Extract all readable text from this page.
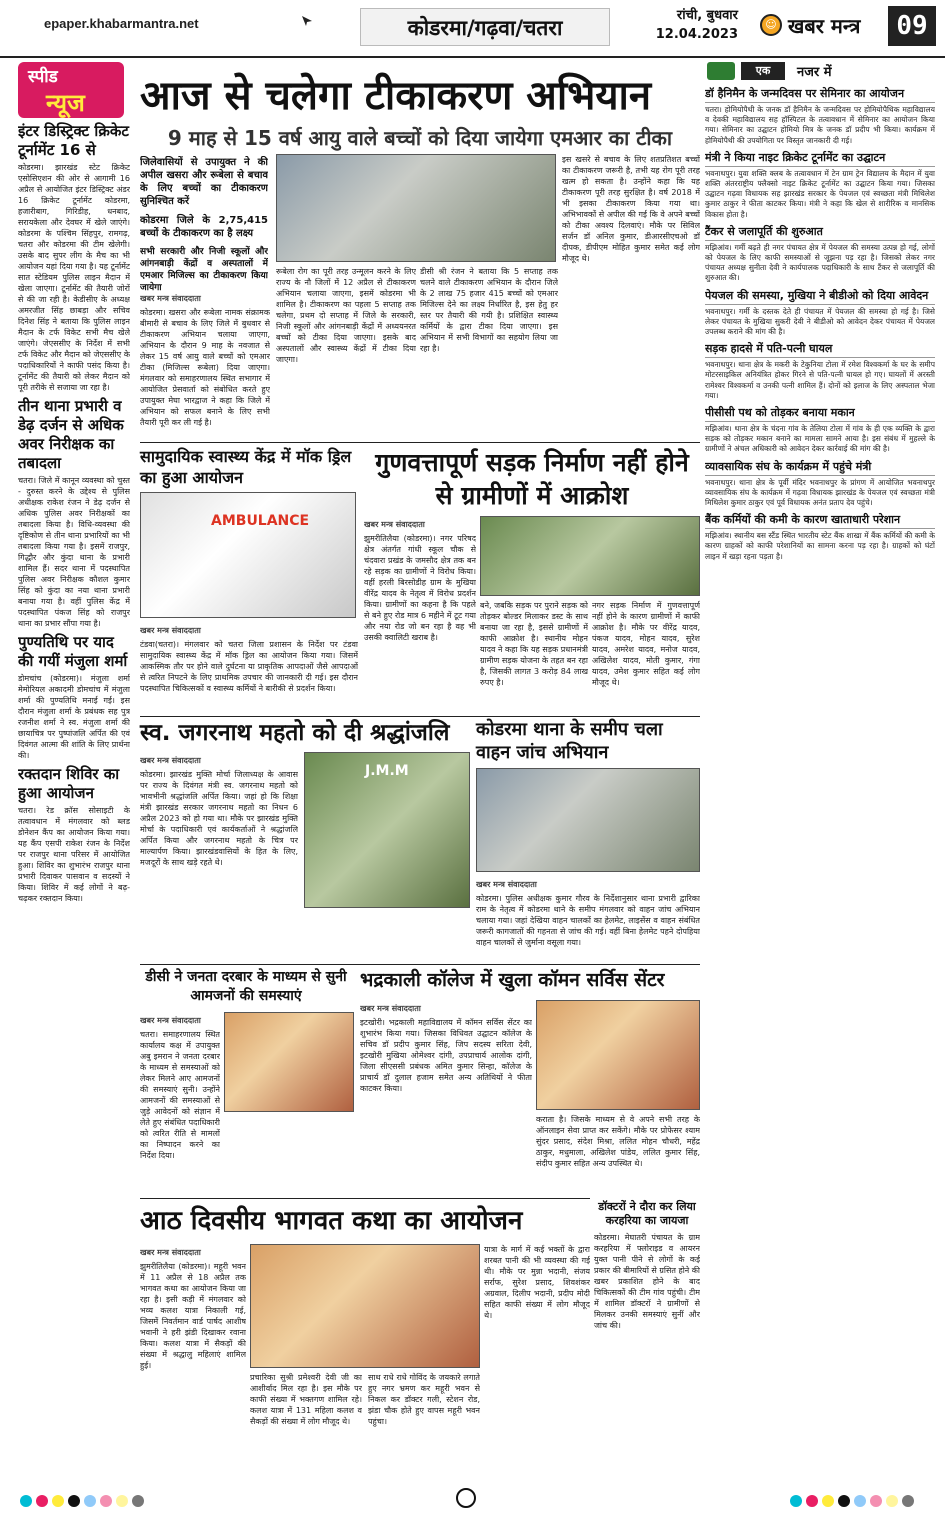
epaper.khabarmantra.net	कोडरमा/गढ़वा/चतरा
रांची, बुधवार
12.04.2023
☺ खबर मन्त्र	09
स्पीड
न्यूज
इंटर डिस्ट्रिक्ट क्रिकेट टूर्नामेंट 16 से
कोडरमा। झारखंड स्टेट क्रिकेट एसोसिएशन की ओर से आगामी 16 अप्रैल से आयोजित इंटर डिस्ट्रिक्ट अंडर 16 क्रिकेट टूर्नामेंट कोडरमा, हजारीबाग, गिरिडीह, धनबाद, सरायकेला और देवघर में खेले जाएंगे। कोडरमा के पश्चिम सिंहपुर, रामगढ़, चतरा और कोडरमा की टीम खेलेगी। उसके बाद सुपर लीग के मैच का भी आयोजन यहां दिया गया है। यह टूर्नामेंट सात स्टेडियम पुलिस लाइन मैदान में खेला जाएगा। टूर्नामेंट की तैयारी जोरों से की जा रही है। केडीसीए के अध्यक्ष अमरजीत सिंह छाबड़ा और सचिव दिनेश सिंह ने बताया कि पुलिस लाइन मैदान के टर्फ विकेट सभी मैच खेले जाएंगे। जेएससीए के निर्देश में सभी टर्फ विकेट और मैदान को जेएससीए के पदाधिकारियों ने काफी पसंद किया है। टूर्नामेंट की तैयारी को लेकर मैदान को पूरी तरीके से सजाया जा रहा है।
तीन थाना प्रभारी व डेढ़ दर्जन से अधिक अवर निरीक्षक का तबादला
चतरा। जिले में कानून व्यवस्था को चुस्त - दुरुस्त करने के उद्देश्य से पुलिस अधीक्षक राकेश रंजन ने डेढ़ दर्जन से अधिक पुलिस अवर निरीक्षकों का तबादला किया है। विधि-व्यवस्था की दृष्टिकोण से तीन थाना प्रभारियों का भी तबादला किया गया है। इसमें राजपुर, गिद्धौर और कुंदा थाना के प्रभारी शामिल हैं। सदर थाना में पदस्थापित पुलिस अवर निरीक्षक कौशल कुमार सिंह को कुंदा का नया थाना प्रभारी बनाया गया है। वहीं पुलिस केंद्र में पदस्थापित पंकज सिंह को राजपुर थाना का प्रभार सौंपा गया है।
पुण्यतिथि पर याद की गयीं मंजुला शर्मा
डोमचांच (कोडरमा)। मंजुला शर्मा मेमोरियल अकादमी डोमचांच में मंजुला शर्मा की पुण्यतिथि मनाई गई। इस दौरान मंजुला शर्मा के प्रबंधक सह पुत्र रजनीश शर्मा ने स्व. मंजुला शर्मा की छायाचित्र पर पुष्पांजलि अर्पित की एवं दिवंगत आत्मा की शांति के लिए प्रार्थना की।
रक्तदान शिविर का हुआ आयोजन
चतरा। रेड क्रॉस सोसाइटी के तत्वावधान में मंगलवार को ब्लड डोनेशन कैंप का आयोजन किया गया। यह कैंप एसपी राकेश रंजन के निर्देश पर राजपुर थाना परिसर में आयोजित हुआ। शिविर का शुभारंभ राजपुर थाना प्रभारी दिवाकर पासवान व सदस्यों ने किया। शिविर में कई लोगों ने बढ़-चढ़कर रक्तदान किया।
आज से चलेगा टीकाकरण अभियान
9 माह से 15 वर्ष आयु वाले बच्चों को दिया जायेगा एमआर का टीका
जिलेवासियों से उपायुक्त ने की अपील खसरा और रूबेला से बचाव के लिए बच्चों का टीकाकरण सुनिश्चित करें
कोडरमा जिले के 2,75,415 बच्चों के टीकाकरण का है लक्ष्य
सभी सरकारी और निजी स्कूलों और आंगनबाड़ी केंद्रों व अस्पतालों में एमआर मिजिल्स का टीकाकरण किया जायेगा
खबर मन्त्र संवाददाता
कोडरमा। खसरा और रूबेला नामक संक्रामक बीमारी से बचाव के लिए जिले में बुधवार से टीकाकरण अभियान चलाया जाएगा, अभियान के दौरान 9 माह के नवजात से लेकर 15 वर्ष आयु वाले बच्चों को एमआर टीका (मिजिल्स रूबेला) दिया जाएगा। मंगलवार को समाहरणालय स्थित सभागार में आयोजित प्रेसवार्ता को संबोधित करते हुए उपायुक्त मेघा भारद्वाज ने कहा कि जिले में अभियान को सफल बनाने के लिए सभी तैयारी पूरी कर ली गई है।
रूबेला रोग का पूरी तरह उन्मूलन करने के लिए राज्य के नौ जिलों में 12 अप्रैल से टीकाकरण अभियान चलाया जाएगा, इसमें कोडरमा भी शामिल है। टीकाकरण का पहला 5 सप्ताह तक चलेगा, प्रथम दो सप्ताह में जिले के सरकारी, निजी स्कूलों और आंगनबाड़ी केंद्रों में अध्ययनरत बच्चों को टीका दिया जाएगा। इसके बाद अस्पतालों और स्वास्थ्य केंद्रों में टीका दिया जाएगा।
डीसी श्री रंजन ने बताया कि 5 सप्ताह तक चलने वाले टीकाकरण अभियान के दौरान जिले के 2 लाख 75 हजार 415 बच्चों को एमआर मिजिल्स देने का लक्ष्य निर्धारित है, इस हेतु हर स्तर पर तैयारी की गयी है। प्रशिक्षित स्वास्थ्य कर्मियों के द्वारा टीका दिया जाएगा। इस अभियान में सभी विभागों का सहयोग लिया जा रहा है।
इस खसरे से बचाव के लिए शतप्रतिशत बच्चों का टीकाकरण जरूरी है, तभी यह रोग पूरी तरह खत्म हो सकता है। उन्होंने कहा कि यह टीकाकरण पूरी तरह सुरक्षित है। वर्ष 2018 में भी इसका टीकाकरण किया गया था। अभिभावकों से अपील की गई कि वे अपने बच्चों को टीका अवश्य दिलवाएं। मौके पर सिविल सर्जन डॉ अनिल कुमार, डीआरसीएचओ डॉ दीपक, डीपीएम मोहित कुमार समेत कई लोग मौजूद थे।
सामुदायिक स्वास्थ्य केंद्र में मॉक ड्रिल का हुआ आयोजन
AMBULANCE
खबर मन्त्र संवाददाता
टंडवा(चतरा)। मंगलवार को चतरा जिला प्रशासन के निर्देश पर टंडवा सामुदायिक स्वास्थ्य केंद्र में मॉक ड्रिल का आयोजन किया गया। जिसमें आकस्मिक तौर पर होने वाले दुर्घटना या प्राकृतिक आपदाओं जैसे आपदाओं से त्वरित निपटने के लिए प्राथमिक उपचार की जानकारी दी गई। इस दौरान पदस्थापित चिकित्सकों व स्वास्थ्य कर्मियों ने बारीकी से प्रदर्शन किया।
गुणवत्तापूर्ण सड़क निर्माण नहीं होने से ग्रामीणों में आक्रोश
खबर मन्त्र संवाददाता
झुमरीतिलैया (कोडरमा)। नगर परिषद क्षेत्र अंतर्गत गांधी स्कूल चौक से चंदवारा प्रखंड के जमसौद क्षेत्र तक बन रहे सड़क का ग्रामीणों ने विरोध किया। वहीं हरली बिरसोडीह ग्राम के मुखिया वीरेंद्र यादव के नेतृत्व में विरोध प्रदर्शन किया। ग्रामीणों का कहना है कि पहले से बने हुए रोड मात्र 6 महीने में टूट गया और नया रोड जो बन रहा है वह भी उसकी क्वालिटी खराब है।
बने, जबकि सड़क पर पुराने सड़क को तोड़कर बोल्डर मिलाकर डस्ट के साथ बनाया जा रहा है, इससे ग्रामीणों में काफी आक्रोश है। स्थानीय मोहन यादव ने कहा कि यह सड़क प्रधानमंत्री ग्रामीण सड़क योजना के तहत बन रहा है, जिसकी लागत 3 करोड़ 84 लाख रुपए है।
नगर सड़क निर्माण में गुणवत्तापूर्ण नहीं होने के कारण ग्रामीणों में काफी आक्रोश है। मौके पर वीरेंद्र यादव, पंकज यादव, मोहन यादव, सुरेश यादव, अमरेश यादव, मनोज यादव, अखिलेश यादव, मोती कुमार, गंगा यादव, उमेश कुमार सहित कई लोग मौजूद थे।
स्व. जगरनाथ महतो को दी श्रद्धांजलि
खबर मन्त्र संवाददाता
कोडरमा। झारखंड मुक्ति मोर्चा जिलाध्यक्ष के आवास पर राज्य के दिवंगत मंत्री स्व. जगरनाथ महतो को भावभीनी श्रद्धांजलि अर्पित किया। जहां हो कि शिक्षा मंत्री झारखंड सरकार जगरनाथ महतो का निधन 6 अप्रैल 2023 को हो गया था। मौके पर झारखंड मुक्ति मोर्चा के पदाधिकारी एवं कार्यकर्ताओं ने श्रद्धांजलि अर्पित किया और जगरनाथ महतो के चित्र पर माल्यार्पण किया। झारखंडवासियों के हित के लिए, मजदूरों के साथ खड़े रहते थे।
J.M.M
कोडरमा थाना के समीप चला वाहन जांच अभियान
खबर मन्त्र संवाददाता
कोडरमा। पुलिस अधीक्षक कुमार गौरव के निर्देशानुसार थाना प्रभारी द्वारिका राम के नेतृत्व में कोडरमा थाने के समीप मंगलवार को वाहन जांच अभियान चलाया गया। जहां देखिया वाहन चालकों का हेलमेट, लाइसेंस व वाहन संबंधित जरूरी कागजातों की गहनता से जांच की गई। वहीं बिना हेलमेट पहने दोपहिया वाहन चालकों से जुर्माना वसूला गया।
डीसी ने जनता दरबार के माध्यम से सुनी आमजनों की समस्याएं
खबर मन्त्र संवाददाता
चतरा। समाहरणालय स्थित कार्यालय कक्ष में उपायुक्त अबु इमरान ने जनता दरबार के माध्यम से समस्याओं को लेकर मिलने आए आमजनों की समस्याएं सुनी। उन्होंने आमजनों की समस्याओं से जुड़े आवेदनों को संज्ञान में लेते हुए संबंधित पदाधिकारी को त्वरित रीति से मामलों का निष्पादन करने का निर्देश दिया।
भद्रकाली कॉलेज में खुला कॉमन सर्विस सेंटर
खबर मन्त्र संवाददाता
इटखोरी। भद्रकाली महाविद्यालय में कॉमन सर्विस सेंटर का शुभारंभ किया गया। जिसका विधिवत उद्घाटन कॉलेज के सचिव डॉ प्रदीप कुमार सिंह, जिप सदस्य सरिता देवी, इटखोरी मुखिया ओमेश्वर दांगी, उपप्राचार्य आलोक दांगी, जिला सीएससी प्रबंधक अमित कुमार सिन्हा, कॉलेज के प्राचार्य डॉ दुलाल हजाम समेत अन्य अतिथियों ने फीता काटकर किया।
कराता है। जिसके माध्यम से वे अपने सभी तरह के ऑनलाइन सेवा प्राप्त कर सकेंगे। मौके पर प्रोफेसर श्याम सुंदर प्रसाद, संदेश मिश्रा, ललित मोहन चौधरी, महेंद्र ठाकुर, मधुमाला, अखिलेश पांडेय, ललित कुमार सिंह, संदीप कुमार सहित अन्य उपस्थित थे।
डॉक्टरों ने दौरा कर लिया करहरिया का जायजा
कोडरमा। मेघातरी पंचायत के ग्राम करहरिया में फ्लोराइड व आयरन युक्त पानी पीने से लोगों के कई प्रकार की बीमारियों से ग्रसित होने की खबर प्रकाशित होने के बाद चिकित्सकों की टीम गांव पहुंची। टीम में शामिल डॉक्टरों ने ग्रामीणों से मिलकर उनकी समस्याएं सुनीं और जांच की।
आठ दिवसीय भागवत कथा का आयोजन
खबर मन्त्र संवाददाता
झुमरीतिलैया (कोडरमा)। महूरी भवन में 11 अप्रैल से 18 अप्रैल तक भागवत कथा का आयोजन किया जा रहा है। इसी कड़ी में मंगलवार को भव्य कलश यात्रा निकाली गई, जिसमें निवर्तमान वार्ड पार्षद आशीष भवानी ने हरी झंडी दिखाकर रवाना किया। कलश यात्रा में सैकड़ों की संख्या में श्रद्धालु महिलाएं शामिल हुई।
प्रचारिका सुश्री प्रमेश्वरी देवी जी का आशीर्वाद मिल रहा है। इस मौके पर काफी संख्या में भक्तगण शामिल रहे। कलश यात्रा में 131 महिला कलश व सैकड़ों की संख्या में लोग मौजूद थे।
साथ राधे राधे गोविंद के जयकारे लगाते हुए नगर भ्रमण कर महूरी भवन से निकल कर डॉक्टर गली, स्टेशन रोड, झंडा चौक होते हुए वापस महूरी भवन पहुंचा।
यात्रा के मार्ग में कई भक्तों के द्वारा शरबत पानी की भी व्यवस्था की गई थी। मौके पर मुन्ना भदानी, संजय सर्राफ, सुरेश प्रसाद, शिवशंकर अग्रवाल, दिलीप भदानी, प्रदीप मोदी सहित काफी संख्या में लोग मौजूद थे।
एक	नजर में
डॉ हैनिमैन के जन्मदिवस पर सेमिनार का आयोजन
चतरा। होमियोपैथी के जनक डॉ हैनिमैन के जन्मदिवस पर होमियोपैथिक महाविद्यालय व देवकी महाविद्यालय सह हॉस्पिटल के तत्वावधान में सेमिनार का आयोजन किया गया। सेमिनार का उद्घाटन होमियो मित्र के जनक डॉ प्रदीप भी किया। कार्यक्रम में होमियोपैथी की उपयोगिता पर विस्तृत जानकारी दी गई।
मंत्री ने किया नाइट क्रिकेट टूर्नामेंट का उद्घाटन
भवनाथपुर। युवा शक्ति क्लब के तत्वावधान में टेन ग्राम ट्रेन विद्यालय के मैदान में युवा शक्ति अंतरराष्ट्रीय फ्लैक्सो नाइट क्रिकेट टूर्नामेंट का उद्घाटन किया गया। जिसका उद्घाटन गढ़वा विधायक सह झारखंड सरकार के पेयजल एवं स्वच्छता मंत्री मिथिलेश कुमार ठाकुर ने फीता काटकर किया। मंत्री ने कहा कि खेल से शारीरिक व मानसिक विकास होता है।
टैंकर से जलापूर्ति की शुरुआत
मझिआंव। गर्मी बढ़ते ही नगर पंचायत क्षेत्र में पेयजल की समस्या उत्पन्न हो गई, लोगों को पेयजल के लिए काफी समस्याओं से जूझना पड़ रहा है। जिसको लेकर नगर पंचायत अध्यक्ष सुनीता देवी ने कार्यपालक पदाधिकारी के साथ टैंकर से जलापूर्ति की शुरुआत की।
पेयजल की समस्या, मुखिया ने बीडीओ को दिया आवेदन
भवनाथपुर। गर्मी के दस्तक देते ही पंचायत में पेयजल की समस्या हो गई है। जिसे लेकर पंचायत के मुखिया सुकरी देवी ने बीडीओ को आवेदन देकर पंचायत में पेयजल उपलब्ध कराने की मांग की है।
सड़क हादसे में पति-पत्नी घायल
भवनाथपुर। थाना क्षेत्र के मकरी के टेकुनिया टोला में रमेश विश्वकर्मा के घर के समीप मोटरसाइकिल अनियंत्रित होकर गिरने से पति-पत्नी घायल हो गए। घायलों में अरस्ती रामेश्वर विश्वकर्मा व उनकी पत्नी शामिल हैं। दोनों को इलाज के लिए अस्पताल भेजा गया।
पीसीसी पथ को तोड़कर बनाया मकान
मझिआंव। थाना क्षेत्र के चंदना गांव के तेलिया टोला में गांव के ही एक व्यक्ति के द्वारा सड़क को तोड़कर मकान बनाने का मामला सामने आया है। इस संबंध में मुहल्ले के ग्रामीणों ने अंचल अधिकारी को आवेदन देकर कार्रवाई की मांग की है।
व्यावसायिक संघ के कार्यक्रम में पहुंचे मंत्री
भवनाथपुर। थाना क्षेत्र के पूर्वी मंदिर भवनाथपुर के प्रांगण में आयोजित भवनाथपुर व्यावसायिक संघ के कार्यक्रम में गढ़वा विधायक झारखंड के पेयजल एवं स्वच्छता मंत्री मिथिलेश कुमार ठाकुर एवं पूर्व विधायक अनंत प्रताप देव पहुंचे।
बैंक कर्मियों की कमी के कारण खाताधारी परेशान
मझिआंव। स्थानीय बस स्टैंड स्थित भारतीय स्टेट बैंक शाखा में बैंक कर्मियों की कमी के कारण ग्राहकों को काफी परेशानियों का सामना करना पड़ रहा है। ग्राहकों को घंटों लाइन में खड़ा रहना पड़ता है।
